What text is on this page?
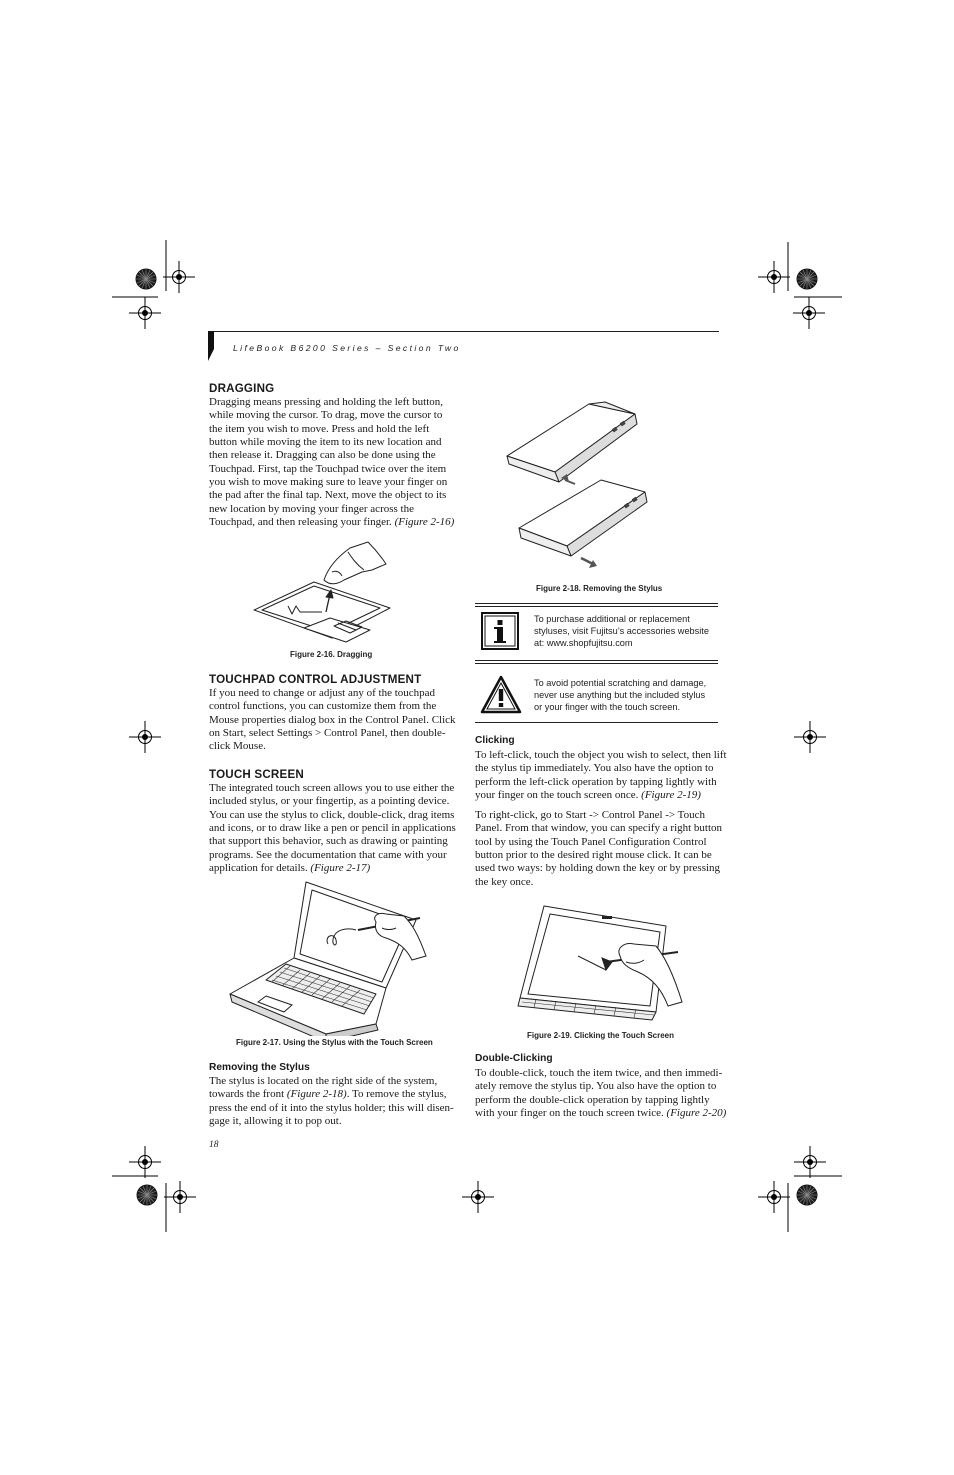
LifeBook B6200 Series – Section Two
DRAGGING
Dragging means pressing and holding the left button,
while moving the cursor. To drag, move the cursor to
the item you wish to move. Press and hold the left
button while moving the item to its new location and
then release it. Dragging can also be done using the
Touchpad. First, tap the Touchpad twice over the item
you wish to move making sure to leave your finger on
the pad after the final tap. Next, move the object to its
new location by moving your finger across the
Touchpad, and then releasing your finger. (Figure 2-16)
Figure 2-16. Dragging
TOUCHPAD CONTROL ADJUSTMENT
If you need to change or adjust any of the touchpad
control functions, you can customize them from the
Mouse properties dialog box in the Control Panel. Click
on Start, select Settings > Control Panel, then double-
click Mouse.
TOUCH SCREEN
The integrated touch screen allows you to use either the
included stylus, or your fingertip, as a pointing device.
You can use the stylus to click, double-click, drag items
and icons, or to draw like a pen or pencil in applications
that support this behavior, such as drawing or painting
programs. See the documentation that came with your
application for details. (Figure 2-17)
Figure 2-17. Using the Stylus with the Touch Screen
Removing the Stylus
The stylus is located on the right side of the system,
towards the front (Figure 2-18). To remove the stylus,
press the end of it into the stylus holder; this will disen-
gage it, allowing it to pop out.
18
Figure 2-18. Removing the Stylus
To purchase additional or replacement
styluses, visit Fujitsu’s accessories website
at: www.shopfujitsu.com
To avoid potential scratching and damage,
never use anything but the included stylus
or your finger with the touch screen.
Clicking
To left-click, touch the object you wish to select, then lift
the stylus tip immediately. You also have the option to
perform the left-click operation by tapping lightly with
your finger on the touch screen once. (Figure 2-19)
To right-click, go to Start -> Control Panel -> Touch
Panel. From that window, you can specify a right button
tool by using the Touch Panel Configuration Control
button prior to the desired right mouse click. It can be
used two ways: by holding down the key or by pressing
the key once.
Figure 2-19. Clicking the Touch Screen
Double-Clicking
To double-click, touch the item twice, and then immedi-
ately remove the stylus tip. You also have the option to
perform the double-click operation by tapping lightly
with your finger on the touch screen twice. (Figure 2-20)
